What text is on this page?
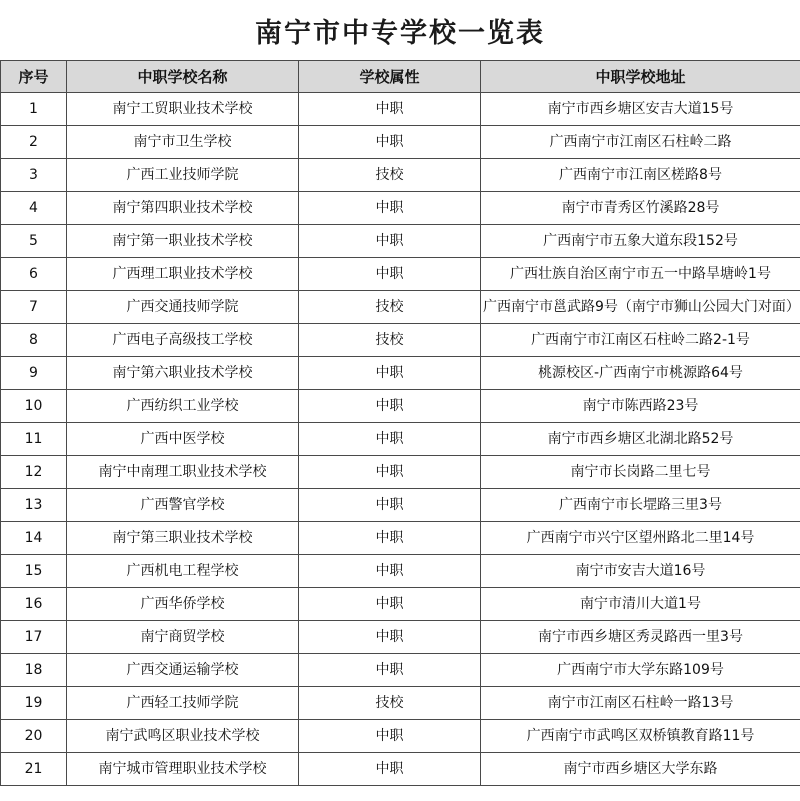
南宁市中专学校一览表
序号	中职学校名称	学校属性	中职学校地址
1	南宁工贸职业技术学校	中职	南宁市西乡塘区安吉大道15号
2	南宁市卫生学校	中职	广西南宁市江南区石柱岭二路
3	广西工业技师学院	技校	广西南宁市江南区槎路8号
4	南宁第四职业技术学校	中职	南宁市青秀区竹溪路28号
5	南宁第一职业技术学校	中职	广西南宁市五象大道东段152号
6	广西理工职业技术学校	中职	广西壮族自治区南宁市五一中路旱塘岭1号
7	广西交通技师学院	技校	广西南宁市邕武路9号（南宁市狮山公园大门对面）
8	广西电子高级技工学校	技校	广西南宁市江南区石柱岭二路2-1号
9	南宁第六职业技术学校	中职	桃源校区-广西南宁市桃源路64号
10	广西纺织工业学校	中职	南宁市陈西路23号
11	广西中医学校	中职	南宁市西乡塘区北湖北路52号
12	南宁中南理工职业技术学校	中职	南宁市长岗路二里七号
13	广西警官学校	中职	广西南宁市长堽路三里3号
14	南宁第三职业技术学校	中职	广西南宁市兴宁区望州路北二里14号
15	广西机电工程学校	中职	南宁市安吉大道16号
16	广西华侨学校	中职	南宁市清川大道1号
17	南宁商贸学校	中职	南宁市西乡塘区秀灵路西一里3号
18	广西交通运输学校	中职	广西南宁市大学东路109号
19	广西轻工技师学院	技校	南宁市江南区石柱岭一路13号
20	南宁武鸣区职业技术学校	中职	广西南宁市武鸣区双桥镇教育路11号
21	南宁城市管理职业技术学校	中职	南宁市西乡塘区大学东路
